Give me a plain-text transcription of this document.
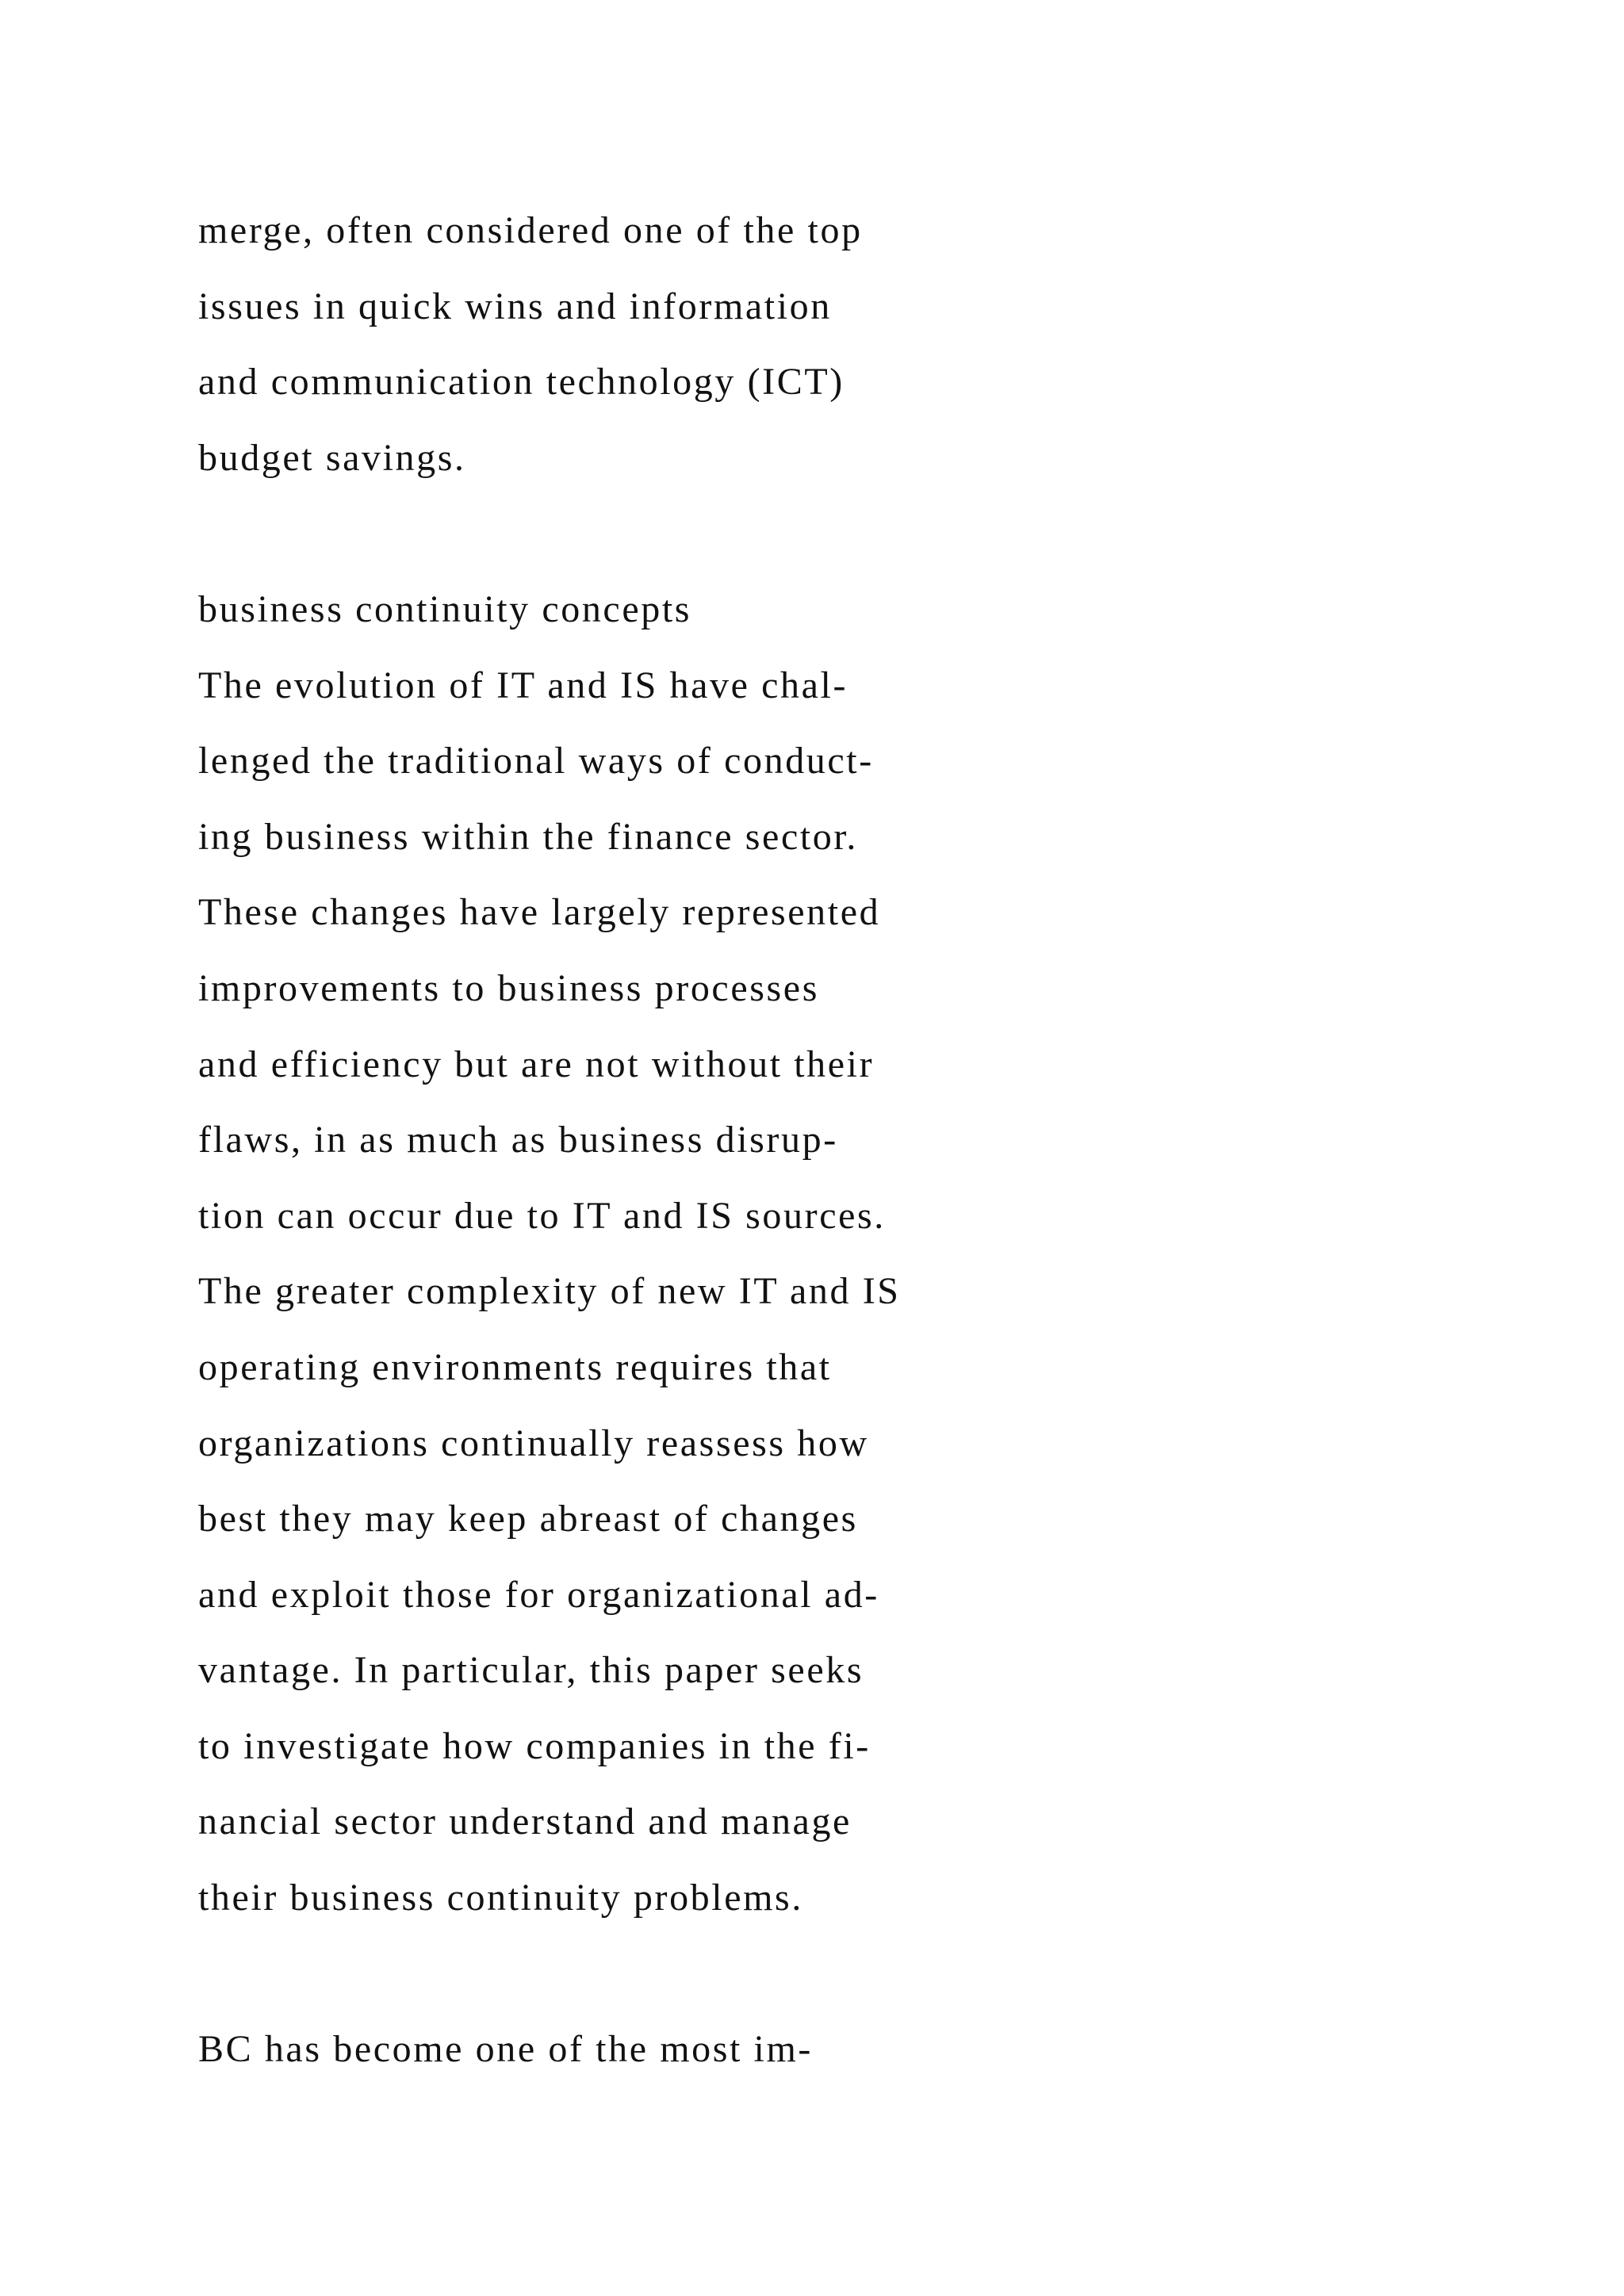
merge, often considered one of the top
issues in quick wins and information
and communication technology (ICT)
budget savings.
business continuity concepts
The evolution of IT and IS have chal-
lenged the traditional ways of conduct-
ing business within the finance sector.
These changes have largely represented
improvements to business processes
and efficiency but are not without their
flaws, in as much as business disrup-
tion can occur due to IT and IS sources.
The greater complexity of new IT and IS
operating environments requires that
organizations continually reassess how
best they may keep abreast of changes
and exploit those for organizational ad-
vantage. In particular, this paper seeks
to investigate how companies in the fi-
nancial sector understand and manage
their business continuity problems.
BC has become one of the most im-
